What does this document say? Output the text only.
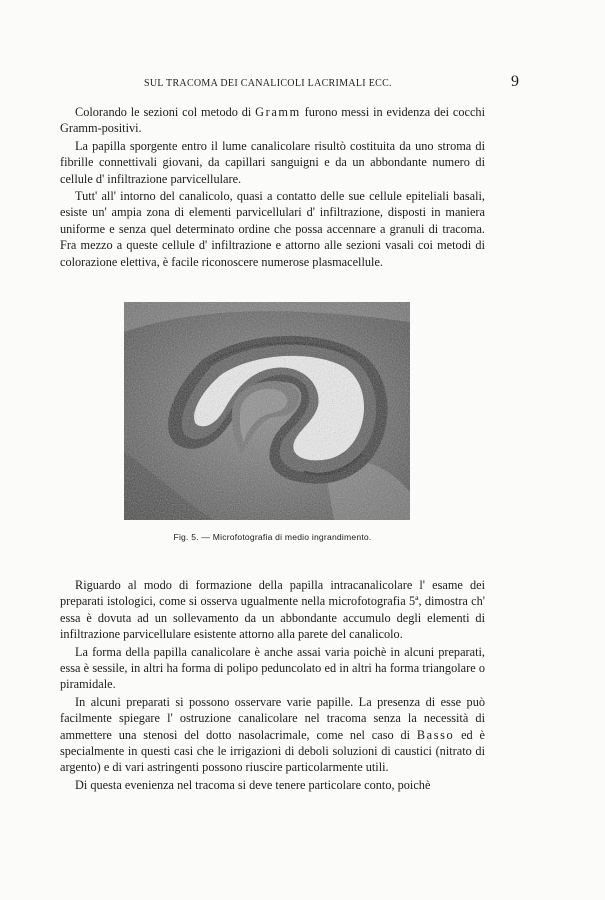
SUL TRACOMA DEI CANALICOLI LACRIMALI ECC.	9

Colorando le sezioni col metodo di Gramm furono messi in evidenza dei cocchi Gramm-positivi.

La papilla sporgente entro il lume canalicolare risultò costituita da uno stroma di fibrille connettivali giovani, da capillari sanguigni e da un abbondante numero di cellule d' infiltrazione parvicellulare.

Tutt' all' intorno del canalicolo, quasi a contatto delle sue cellule epiteliali basali, esiste un' ampia zona di elementi parvicellulari d' infiltrazione, disposti in maniera uniforme e senza quel determinato ordine che possa accennare a granuli di tracoma. Fra mezzo a queste cellule d' infiltrazione e attorno alle sezioni vasali coi metodi di colorazione elettiva, è facile riconoscere numerose plasmacellule.

Fig. 5. — Microfotografia di medio ingrandimento.

Riguardo al modo di formazione della papilla intracanalicolare l' esame dei preparati istologici, come si osserva ugualmente nella microfotografia 5ª, dimostra ch' essa è dovuta ad un sollevamento da un abbondante accumulo degli elementi di infiltrazione parvicellulare esistente attorno alla parete del canalicolo.

La forma della papilla canalicolare è anche assai varia poichè in alcuni preparati, essa è sessile, in altri ha forma di polipo peduncolato ed in altri ha forma triangolare o piramidale.

In alcuni preparati si possono osservare varie papille. La presenza di esse può facilmente spiegare l' ostruzione canalicolare nel tracoma senza la necessità di ammettere una stenosi del dotto nasolacrimale, come nel caso di Basso ed è specialmente in questi casi che le irrigazioni di deboli soluzioni di caustici (nitrato di argento) e di vari astringenti possono riuscire particolarmente utili.

Di questa evenienza nel tracoma si deve tenere particolare conto, poichè
